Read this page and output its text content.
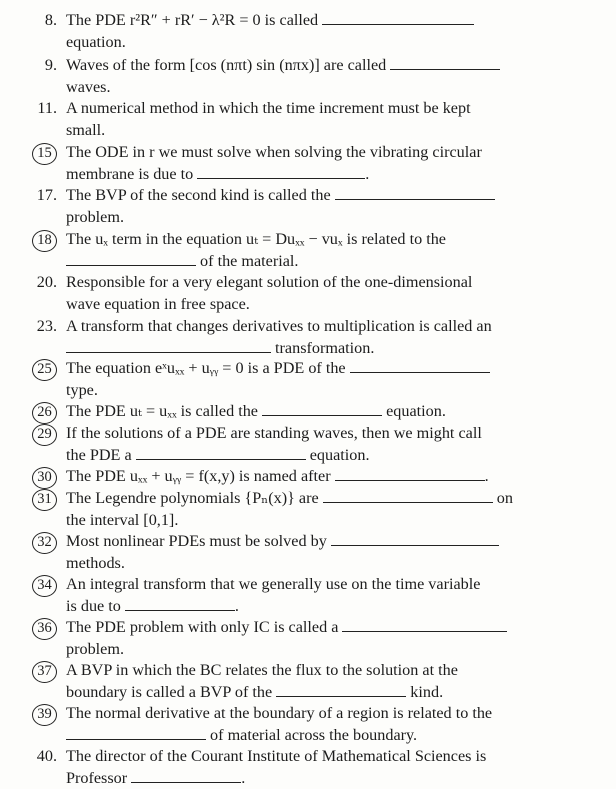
8. The PDE r²R″ + rR′ − λ²R = 0 is called
equation.
9. Waves of the form [cos (nπt) sin (nπx)] are called
waves.
11. A numerical method in which the time increment must be kept
small.
15 The ODE in r we must solve when solving the vibrating circular
membrane is due to	.
17. The BVP of the second kind is called the
problem.
18 The uₓ term in the equation uₜ = Duₓₓ − vuₓ is related to the
of the material.
20. Responsible for a very elegant solution of the one-dimensional
wave equation in free space.
23. A transform that changes derivatives to multiplication is called an
transformation.
25 The equation eˣuₓₓ + uᵧᵧ = 0 is a PDE of the
type.
26 The PDE uₜ = uₓₓ is called the	equation.
29 If the solutions of a PDE are standing waves, then we might call
the PDE a	equation.
30 The PDE uₓₓ + uᵧᵧ = f(x,y) is named after	.
31 The Legendre polynomials {Pₙ(x)} are	on
the interval [0,1].
32 Most nonlinear PDEs must be solved by
methods.
34 An integral transform that we generally use on the time variable
is due to	.
36 The PDE problem with only IC is called a
problem.
37 A BVP in which the BC relates the flux to the solution at the
boundary is called a BVP of the	kind.
39 The normal derivative at the boundary of a region is related to the
of material across the boundary.
40. The director of the Courant Institute of Mathematical Sciences is
Professor	.
